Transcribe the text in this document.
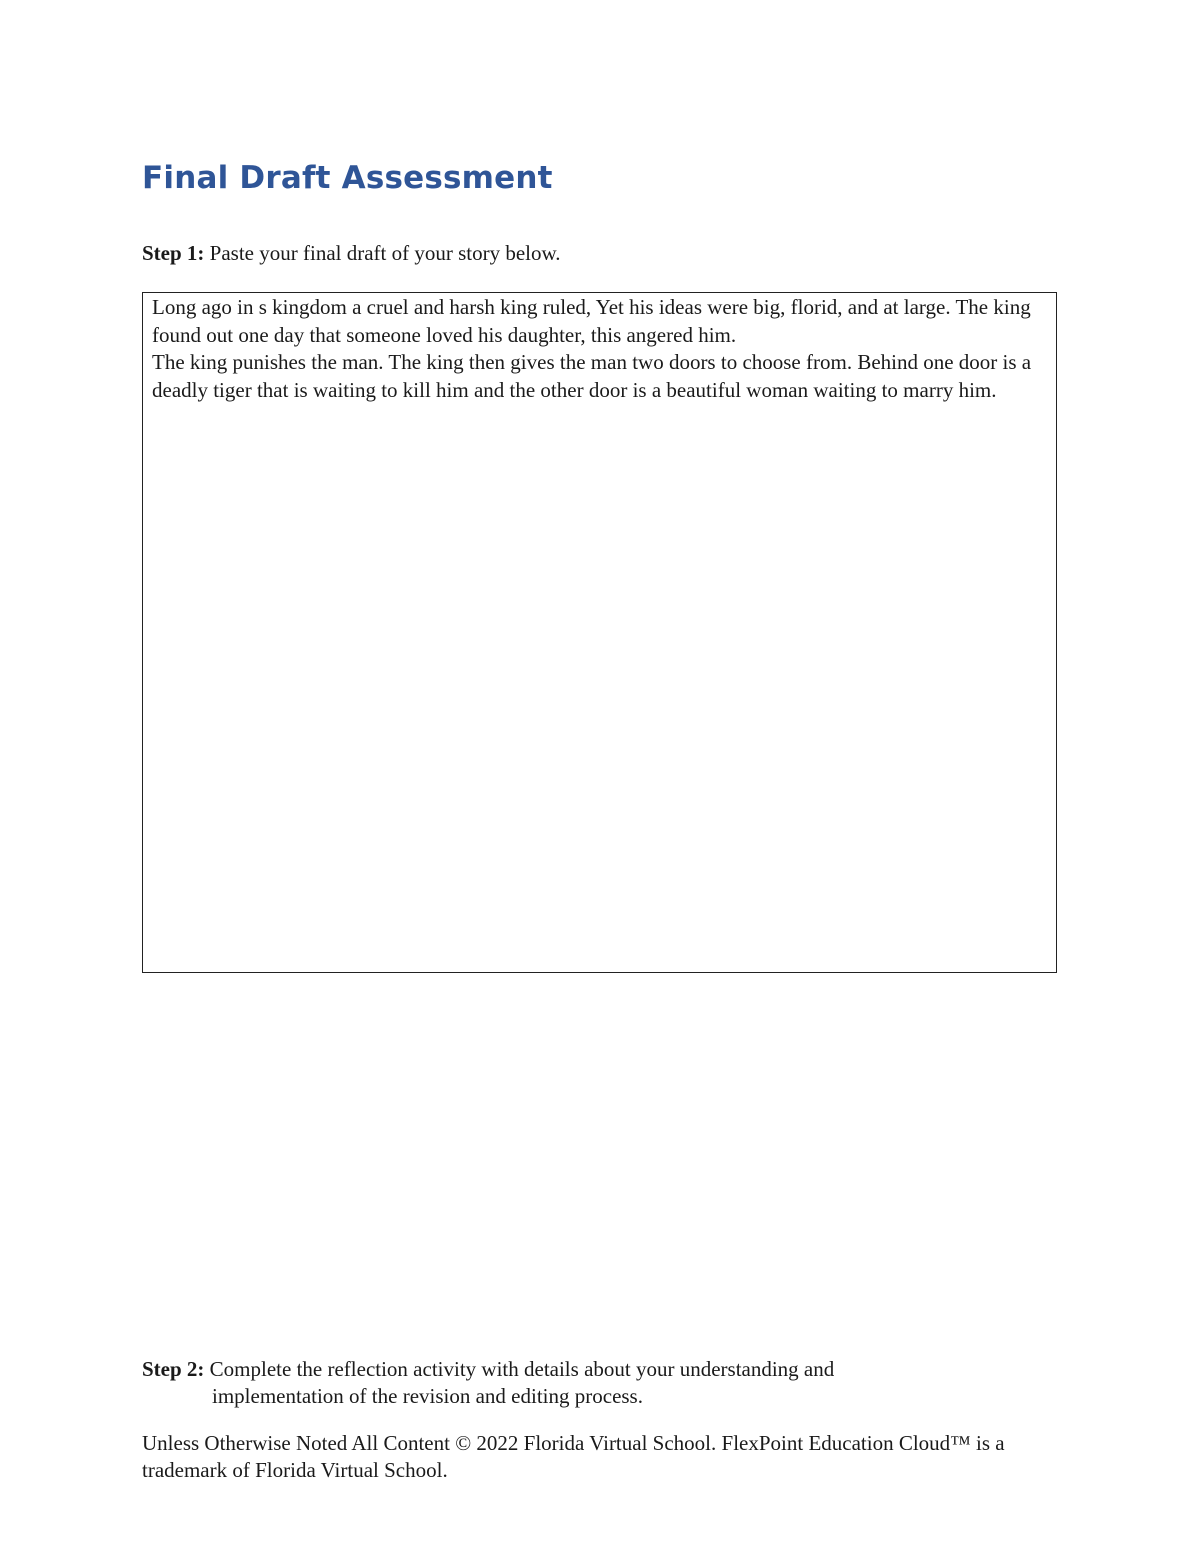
Final Draft Assessment
Step 1: Paste your final draft of your story below.

Long ago in s kingdom a cruel and harsh king ruled, Yet his ideas were big, florid, and at large. The king found out one day that someone loved his daughter, this angered him.

The king punishes the man. The king then gives the man two doors to choose from. Behind one door is a deadly tiger that is waiting to kill him and the other door is a beautiful woman waiting to marry him.

Step 2: Complete the reflection activity with details about your understanding and
implementation of the revision and editing process.

Unless Otherwise Noted All Content © 2022 Florida Virtual School. FlexPoint Education Cloud™ is a trademark of Florida Virtual School.
